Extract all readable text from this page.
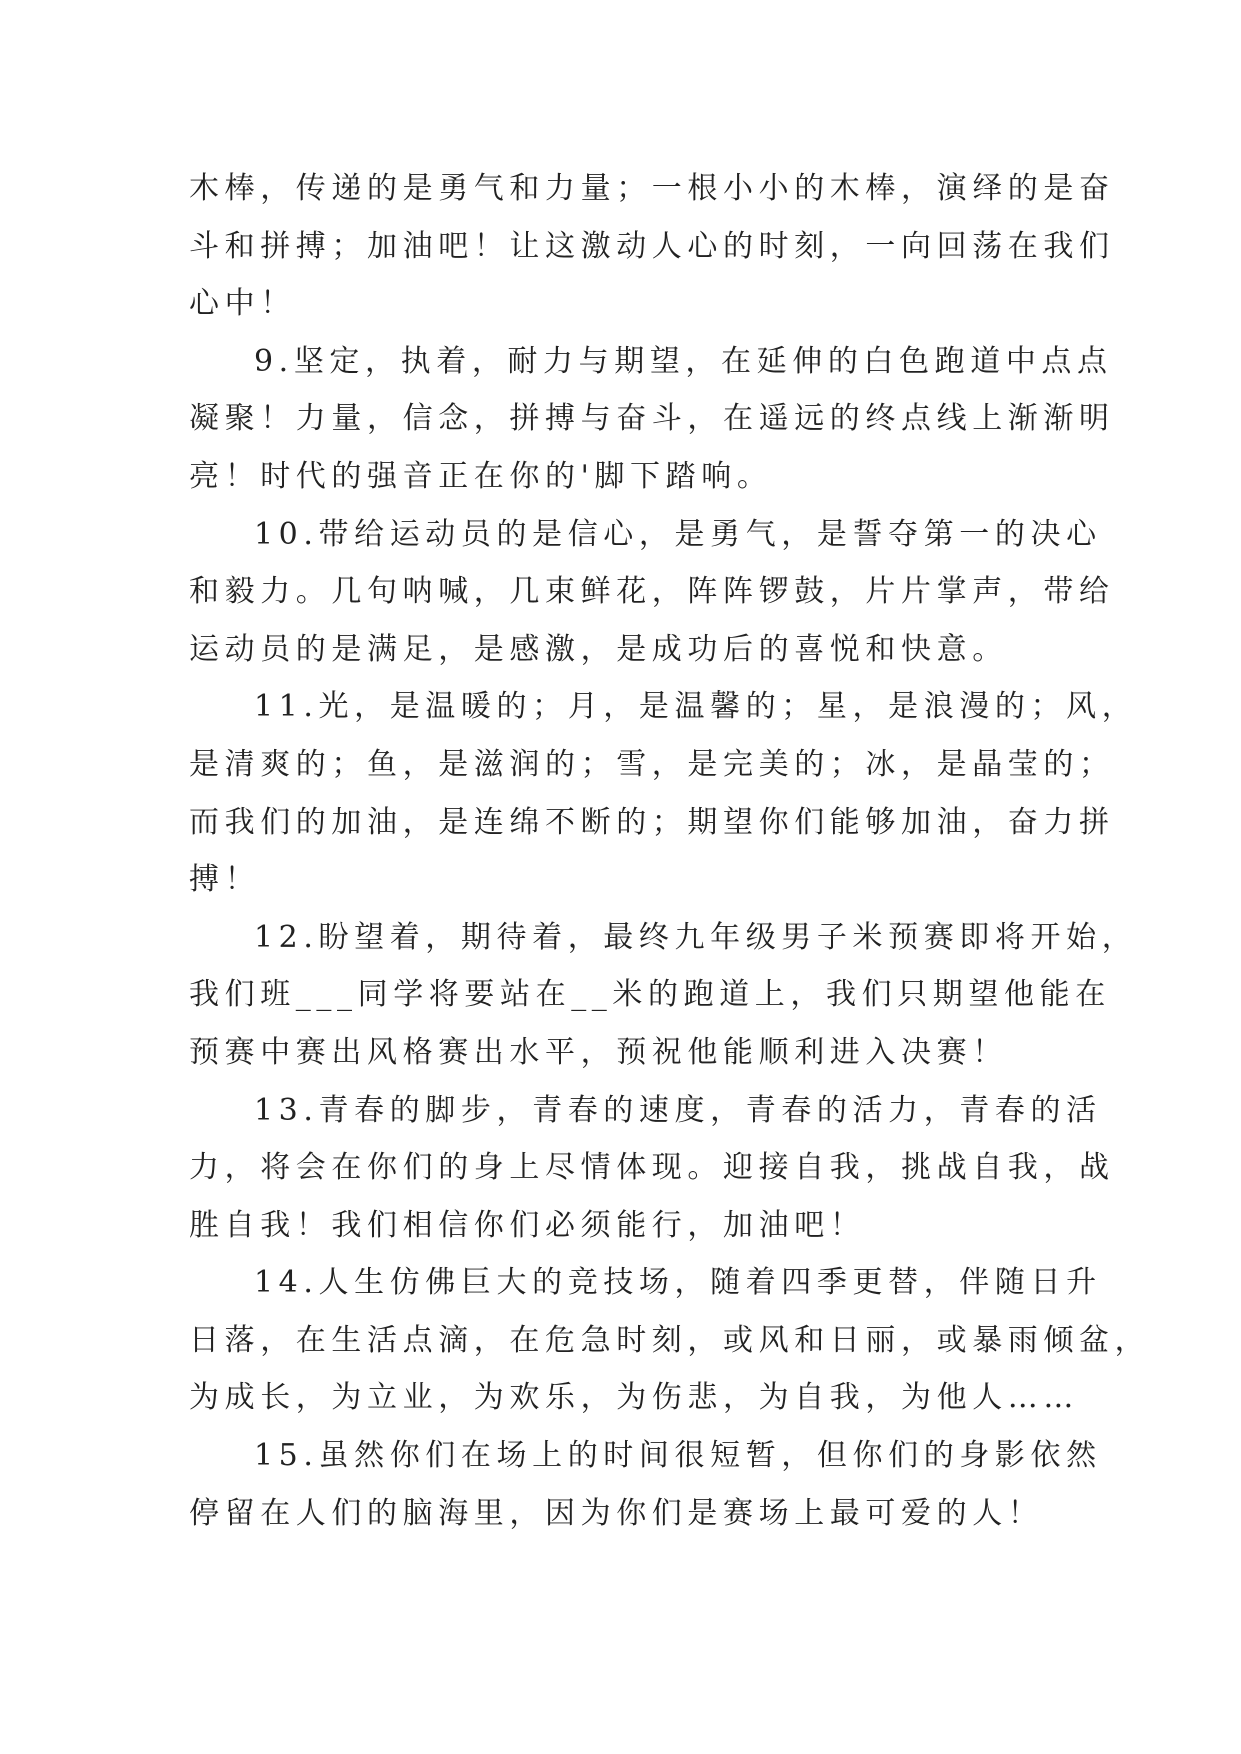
木棒，传递的是勇气和力量；一根小小的木棒，演绎的是奋
斗和拼搏；加油吧！让这激动人心的时刻，一向回荡在我们
心中！
9.坚定，执着，耐力与期望，在延伸的白色跑道中点点
凝聚！力量，信念，拼搏与奋斗，在遥远的终点线上渐渐明
亮！时代的强音正在你的'脚下踏响。
10.带给运动员的是信心，是勇气，是誓夺第一的决心
和毅力。几句呐喊，几束鲜花，阵阵锣鼓，片片掌声，带给
运动员的是满足，是感激，是成功后的喜悦和快意。
11.光，是温暖的；月，是温馨的；星，是浪漫的；风，
是清爽的；鱼，是滋润的；雪，是完美的；冰，是晶莹的；
而我们的加油，是连绵不断的；期望你们能够加油，奋力拼
搏！
12.盼望着，期待着，最终九年级男子米预赛即将开始，
我们班___同学将要站在__米的跑道上，我们只期望他能在
预赛中赛出风格赛出水平，预祝他能顺利进入决赛！
13.青春的脚步，青春的速度，青春的活力，青春的活
力，将会在你们的身上尽情体现。迎接自我，挑战自我，战
胜自我！我们相信你们必须能行，加油吧！
14.人生仿佛巨大的竞技场，随着四季更替，伴随日升
日落，在生活点滴，在危急时刻，或风和日丽，或暴雨倾盆，
为成长，为立业，为欢乐，为伤悲，为自我，为他人……
15.虽然你们在场上的时间很短暂，但你们的身影依然
停留在人们的脑海里，因为你们是赛场上最可爱的人！
